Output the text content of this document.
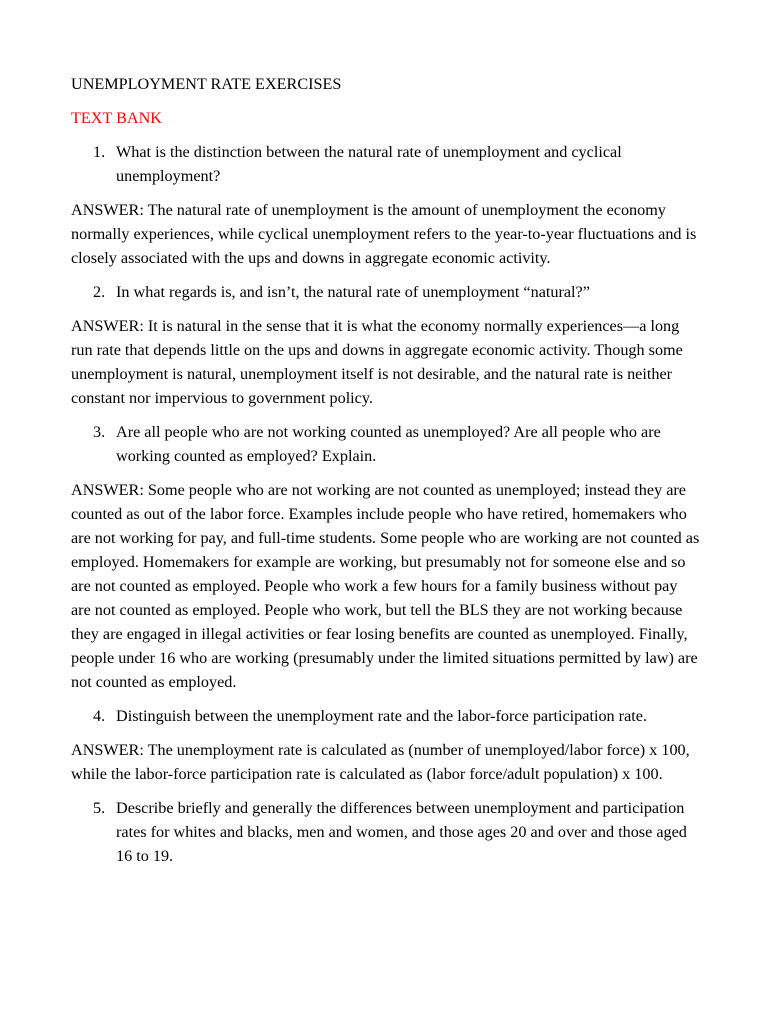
UNEMPLOYMENT RATE EXERCISES
TEXT BANK
1. What is the distinction between the natural rate of unemployment and cyclical unemployment?
ANSWER: The natural rate of unemployment is the amount of unemployment the economy normally experiences, while cyclical unemployment refers to the year-to-year fluctuations and is closely associated with the ups and downs in aggregate economic activity.
2. In what regards is, and isn’t, the natural rate of unemployment “natural?”
ANSWER: It is natural in the sense that it is what the economy normally experiences—a long run rate that depends little on the ups and downs in aggregate economic activity. Though some unemployment is natural, unemployment itself is not desirable, and the natural rate is neither constant nor impervious to government policy.
3. Are all people who are not working counted as unemployed? Are all people who are working counted as employed? Explain.
ANSWER: Some people who are not working are not counted as unemployed; instead they are counted as out of the labor force. Examples include people who have retired, homemakers who are not working for pay, and full-time students. Some people who are working are not counted as employed. Homemakers for example are working, but presumably not for someone else and so are not counted as employed. People who work a few hours for a family business without pay are not counted as employed. People who work, but tell the BLS they are not working because they are engaged in illegal activities or fear losing benefits are counted as unemployed. Finally, people under 16 who are working (presumably under the limited situations permitted by law) are not counted as employed.
4. Distinguish between the unemployment rate and the labor-force participation rate.
ANSWER: The unemployment rate is calculated as (number of unemployed/labor force) x 100, while the labor-force participation rate is calculated as (labor force/adult population) x 100.
5. Describe briefly and generally the differences between unemployment and participation rates for whites and blacks, men and women, and those ages 20 and over and those aged 16 to 19.
